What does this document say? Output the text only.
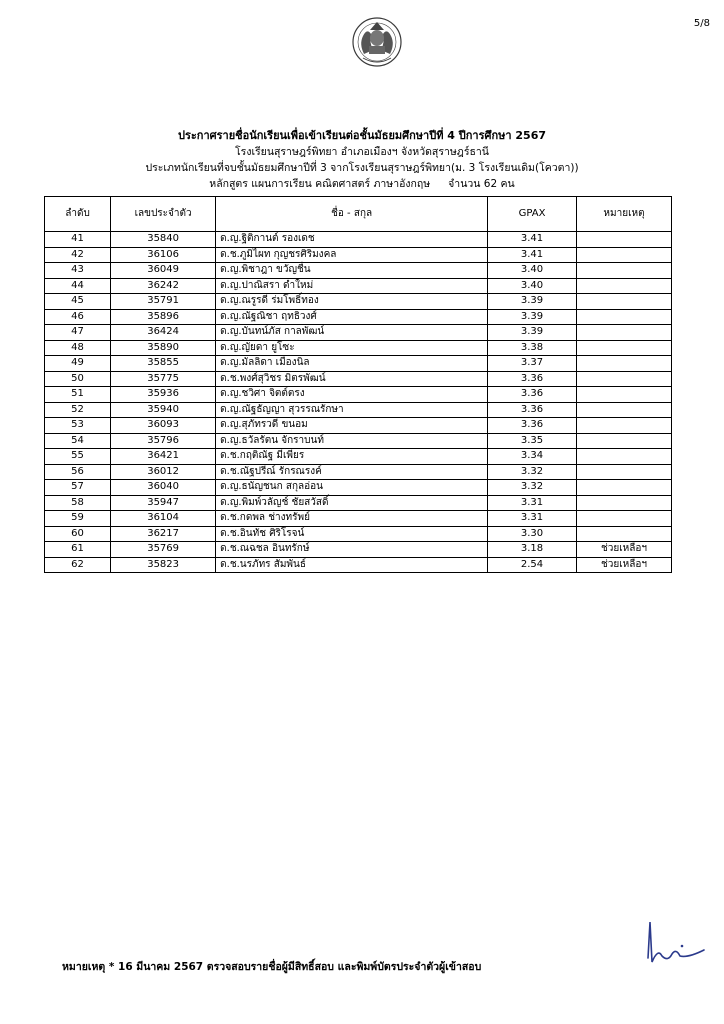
5/8
ประกาศรายชื่อนักเรียนเพื่อเข้าเรียนต่อชั้นมัธยมศึกษาปีที่ 4 ปีการศึกษา 2567
โรงเรียนสุราษฎร์พิทยา อำเภอเมืองฯ จังหวัดสุราษฎร์ธานี
ประเภทนักเรียนที่จบชั้นมัธยมศึกษาปีที่ 3 จากโรงเรียนสุราษฎร์พิทยา(ม. 3 โรงเรียนเดิม(โควตา))
หลักสูตร แผนการเรียน คณิตศาสตร์ ภาษาอังกฤษ จำนวน 62 คน
ลำดับ	เลขประจำตัว	ชื่อ - สกุล	GPAX	หมายเหตุ
41	35840	ด.ญ.ฐิติกานต์ รองเดช	3.41	
42	36106	ด.ช.ภูมิไผท กุญชรศิริมงคล	3.41	
43	36049	ด.ญ.พิชาฎา ขวัญชื่น	3.40	
44	36242	ด.ญ.ปาณิสรา ดำใหม่	3.40	
45	35791	ด.ญ.ณรูรดี ร่มโพธิ์ทอง	3.39	
46	35896	ด.ญ.ณัฐณิชา ฤทธิวงศ์	3.39	
47	36424	ด.ญ.บันทน์ภัส กาลพัฒน์	3.39	
48	35890	ด.ญ.ญัยดา ยูโซะ	3.38	
49	35855	ด.ญ.มัลลิดา เมืองนิล	3.37	
50	35775	ด.ช.พงศ์สุวิชร มิตรพัฒน์	3.36	
51	35936	ด.ญ.ชวิศา จิตต์ตรง	3.36	
52	35940	ด.ญ.ณัฐธัญญา สุวรรณรักษา	3.36	
53	36093	ด.ญ.สุภัทรวดี ขนอม	3.36	
54	35796	ด.ญ.ธวัลรัตน จักราบนท์	3.35	
55	36421	ด.ช.กฤติณัฐ มีเพียร	3.34	
56	36012	ด.ช.ณัฐปรีณ์ รักรณรงค์	3.32	
57	36040	ด.ญ.ธนัญชนก สกุลอ่อน	3.32	
58	35947	ด.ญ.พิมพ์วลัญช์ ชัยสวัสดิ์	3.31	
59	36104	ด.ช.กดพล ช่างทรัพย์	3.31	
60	36217	ด.ช.อินทัช ศิริโรจน์	3.30	
61	35769	ด.ช.ณฉชล อินทรักษ์	3.18	ช่วยเหลือฯ
62	35823	ด.ช.นรภัทร สัมพันธ์	2.54	ช่วยเหลือฯ
หมายเหตุ * 16 มีนาคม 2567 ตรวจสอบรายชื่อผู้มีสิทธิ์สอบ และพิมพ์บัตรประจำตัวผู้เข้าสอบ
